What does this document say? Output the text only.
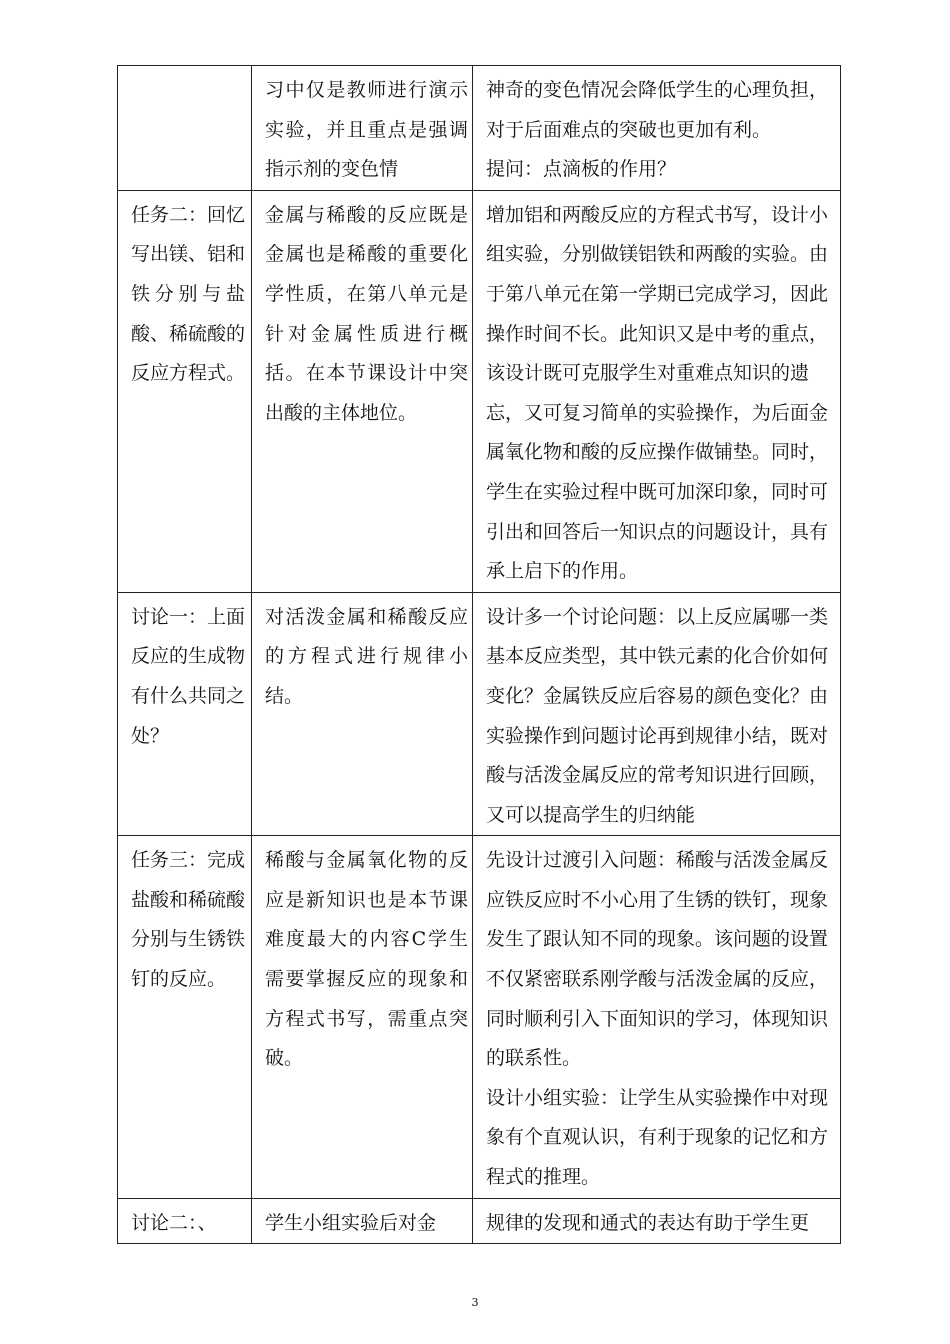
	习中仅是教师进行演示实验，并且重点是强调指示剂的变色情	神奇的变色情况会降低学生的心理负担，对于后面难点的突破也更加有利。
提问：点滴板的作用？

任务二：回忆写出镁、铝和铁分别与盐酸、稀硫酸的反应方程式。	金属与稀酸的反应既是金属也是稀酸的重要化学性质，在第八单元是针对金属性质进行概括。在本节课设计中突出酸的主体地位。	增加铝和两酸反应的方程式书写，设计小组实验，分别做镁铝铁和两酸的实验。由于第八单元在第一学期已完成学习，因此操作时间不长。此知识又是中考的重点，该设计既可克服学生对重难点知识的遗忘，又可复习简单的实验操作，为后面金属氧化物和酸的反应操作做铺垫。同时，学生在实验过程中既可加深印象，同时可引出和回答后一知识点的问题设计，具有承上启下的作用。

讨论一：上面反应的生成物有什么共同之处？	对活泼金属和稀酸反应的方程式进行规律小结。	设计多一个讨论问题：以上反应属哪一类基本反应类型，其中铁元素的化合价如何变化？金属铁反应后容易的颜色变化？由实验操作到问题讨论再到规律小结，既对酸与活泼金属反应的常考知识进行回顾，又可以提高学生的归纳能

任务三：完成盐酸和稀硫酸分别与生锈铁钉的反应。	稀酸与金属氧化物的反应是新知识也是本节课难度最大的内容C学生需要掌握反应的现象和方程式书写，需重点突破。	先设计过渡引入问题：稀酸与活泼金属反应铁反应时不小心用了生锈的铁钉，现象发生了跟认知不同的现象。该问题的设置不仅紧密联系刚学酸与活泼金属的反应，同时顺利引入下面知识的学习，体现知识的联系性。
设计小组实验：让学生从实验操作中对现象有个直观认识，有利于现象的记忆和方程式的推理。

讨论二：、	学生小组实验后对金	规律的发现和通式的表达有助于学生更
3
